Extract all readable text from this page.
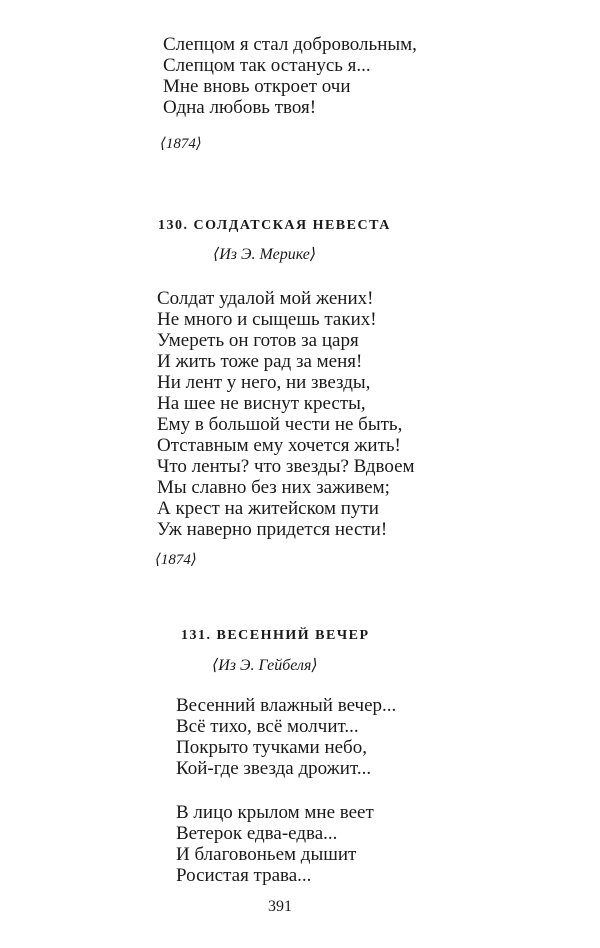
Слепцом я стал добровольным,
Слепцом так останусь я...
Мне вновь откроет очи
Одна любовь твоя!
⟨1874⟩
130. СОЛДАТСКАЯ НЕВЕСТА
⟨Из Э. Мерике⟩
Солдат удалой мой жених!
Не много и сыщешь таких!
Умереть он готов за царя
И жить тоже рад за меня!
Ни лент у него, ни звезды,
На шее не виснут кресты,
Ему в большой чести не быть,
Отставным ему хочется жить!
Что ленты? что звезды? Вдвоем
Мы славно без них заживем;
А крест на житейском пути
Уж наверно придется нести!
⟨1874⟩
131. ВЕСЕННИЙ ВЕЧЕР
⟨Из Э. Гейбеля⟩
Весенний влажный вечер...
Всё тихо, всё молчит...
Покрыто тучками небо,
Кой-где звезда дрожит...
В лицо крылом мне веет
Ветерок едва-едва...
И благовоньем дышит
Росистая трава...
391
